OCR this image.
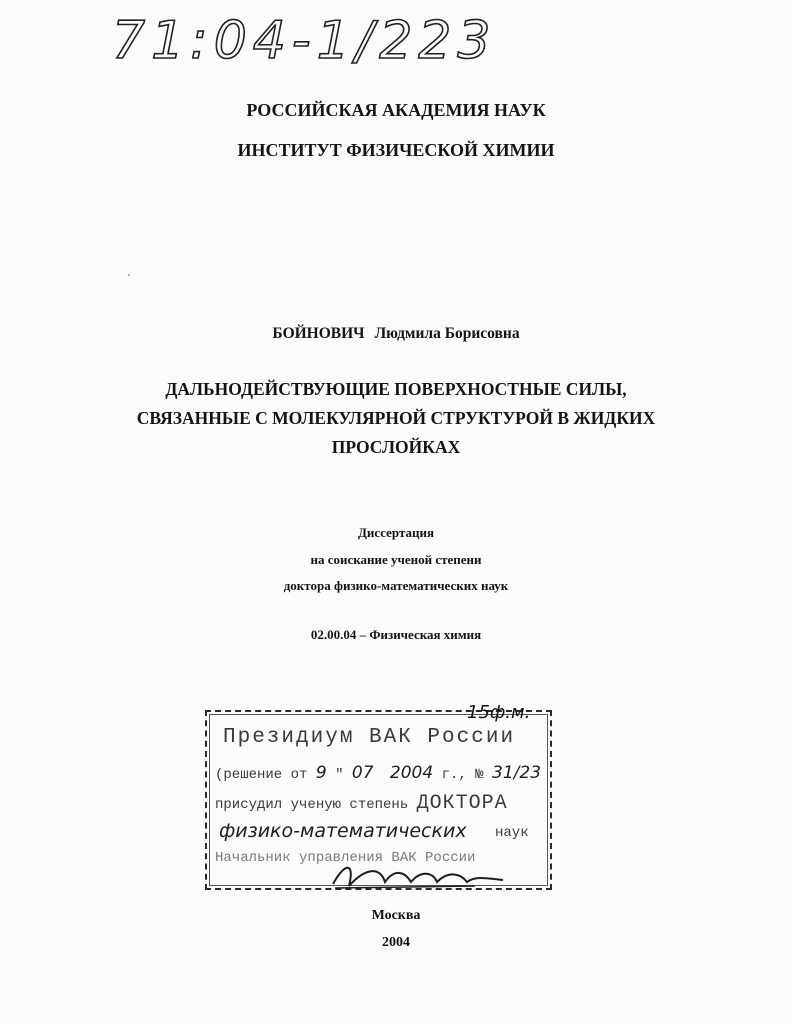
71:04-1/223
РОССИЙСКАЯ АКАДЕМИЯ НАУК
ИНСТИТУТ ФИЗИЧЕСКОЙ ХИМИИ
БОЙНОВИЧ Людмила Борисовна
ДАЛЬНОДЕЙСТВУЮЩИЕ ПОВЕРХНОСТНЫЕ СИЛЫ,
СВЯЗАННЫЕ С МОЛЕКУЛЯРНОЙ СТРУКТУРОЙ В ЖИДКИХ
ПРОСЛОЙКАХ
Диссертация
на соискание ученой степени
доктора физико-математических наук
02.00.04 – Физическая химия
15ф.м.
Президиум ВАК России
(решение от 9 " 07 2004 г., № 31/23
присудил ученую степень ДОКТОРА
физико-математических наук
Начальник управления ВАК России
Москва
2004
